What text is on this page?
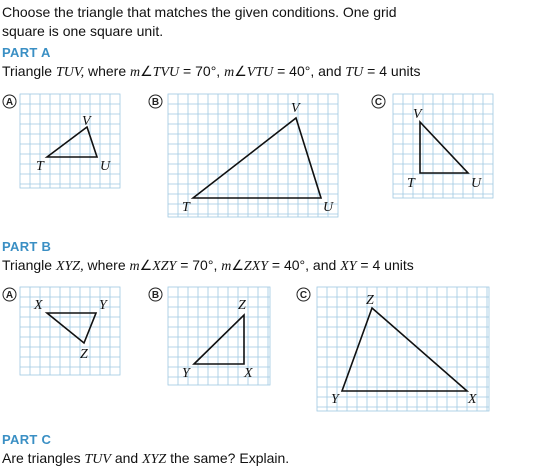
Choose the triangle that matches the given conditions. One grid
square is one square unit.
PART A
Triangle TUV, where m∠TVU = 70°, m∠VTU = 40°, and TU = 4 units
A
V
T	U
B	V
T	U
C
V
T	U
PART B
Triangle XYZ, where m∠XZY = 70°, m∠ZXY = 40°, and XY = 4 units
A
X	Y
Z
B
Z
Y	X
C	Z
Y	X
PART C
Are triangles TUV and XYZ the same? Explain.
